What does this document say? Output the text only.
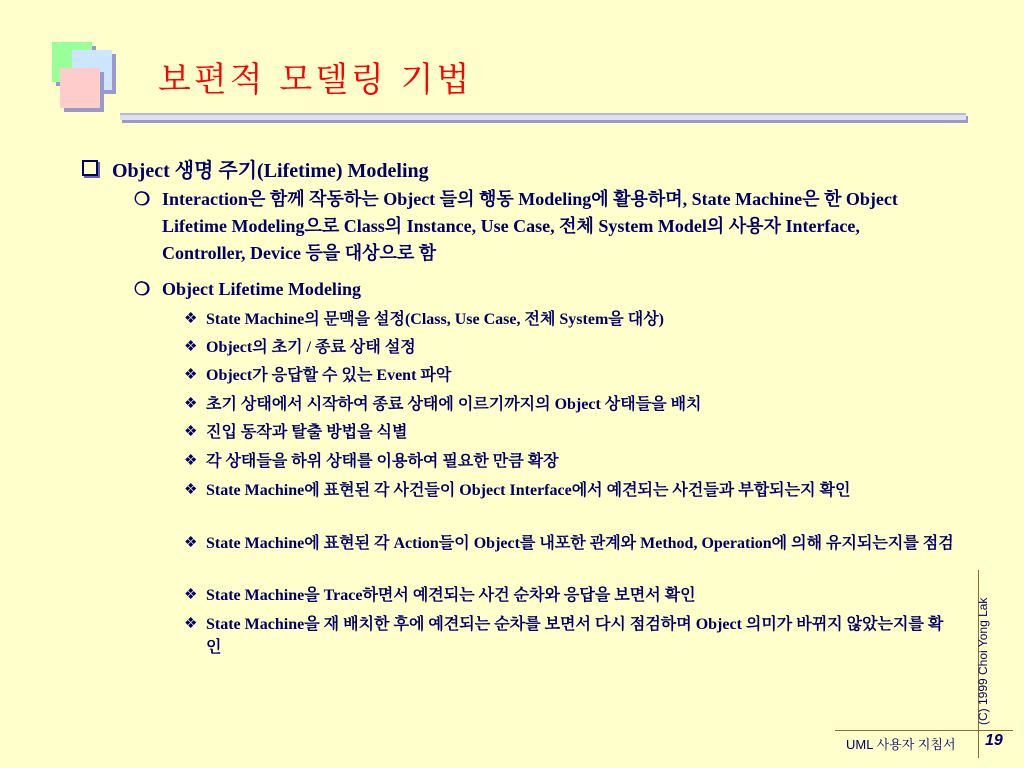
보편적 모델링 기법
Object 생명 주기(Lifetime) Modeling
❍ Interaction은 함께 작동하는 Object 들의 행동 Modeling에 활용하며, State Machine은 한 Object Lifetime Modeling으로 Class의 Instance, Use Case, 전체 System Model의 사용자 Interface, Controller, Device 등을 대상으로 함
❍ Object Lifetime Modeling
❖ State Machine의 문맥을 설정(Class, Use Case, 전체 System을 대상)
❖ Object의 초기 / 종료 상태 설정
❖ Object가 응답할 수 있는 Event 파악
❖ 초기 상태에서 시작하여 종료 상태에 이르기까지의 Object 상태들을 배치
❖ 진입 동작과 탈출 방법을 식별
❖ 각 상태들을 하위 상태를 이용하여 필요한 만큼 확장
❖ State Machine에 표현된 각 사건들이 Object Interface에서 예견되는 사건들과 부합되는지 확인
❖ State Machine에 표현된 각 Action들이 Object를 내포한 관계와 Method, Operation에 의해 유지되는지를 점검
❖ State Machine을 Trace하면서 예견되는 사건 순차와 응답을 보면서 확인
❖ State Machine을 재 배치한 후에 예견되는 순차를 보면서 다시 점검하며 Object 의미가 바뀌지 않았는지를 확인	(C) 1999 Choi Yong Lak
UML 사용자 지침서 19
